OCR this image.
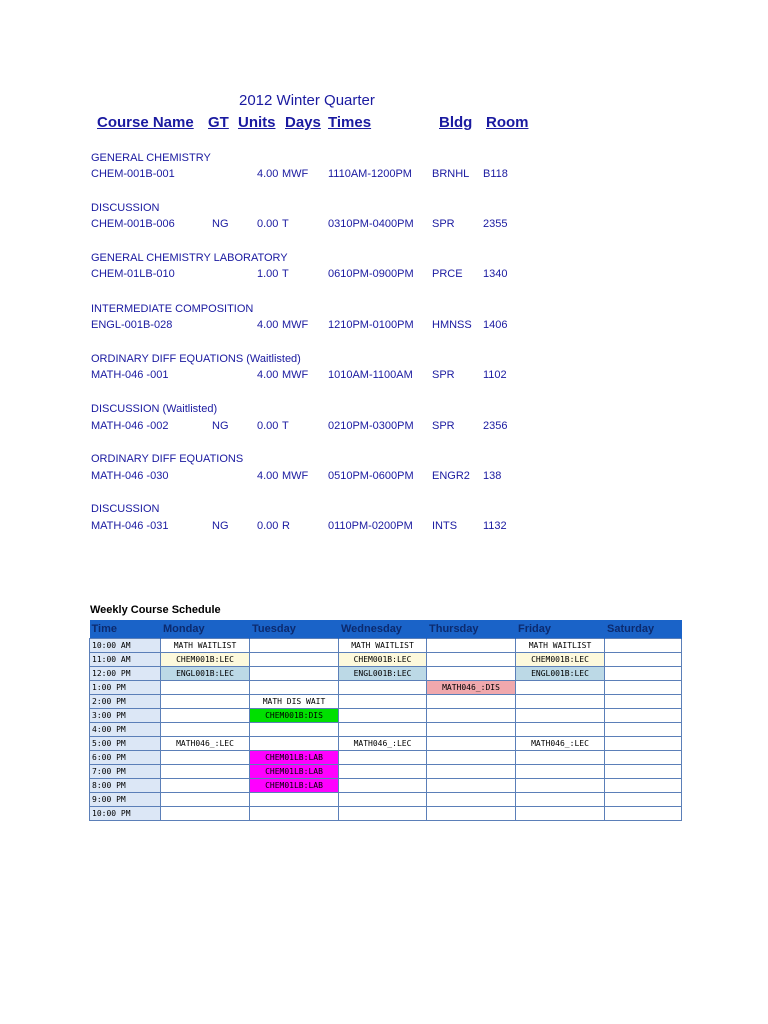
2012 Winter Quarter
Course Name GT Units Days Times	Bldg Room
GENERAL CHEMISTRY
CHEM-001B-001	4.00 MWF 1110AM-1200PM BRNHL B118
DISCUSSION
CHEM-001B-006	NG	0.00 T	0310PM-0400PM SPR	2355
GENERAL CHEMISTRY LABORATORY
CHEM-01LB-010	1.00 T	0610PM-0900PM PRCE 1340
INTERMEDIATE COMPOSITION
ENGL-001B-028	4.00 MWF 1210PM-0100PM HMNSS 1406
ORDINARY DIFF EQUATIONS (Waitlisted)
MATH-046 -001	4.00 MWF 1010AM-1100AM SPR	1102
DISCUSSION (Waitlisted)
MATH-046 -002	NG	0.00 T	0210PM-0300PM SPR	2356
ORDINARY DIFF EQUATIONS
MATH-046 -030	4.00 MWF 0510PM-0600PM ENGR2 138
DISCUSSION
MATH-046 -031	NG	0.00 R	0110PM-0200PM INTS 1132
Weekly Course Schedule
Time	Monday	Tuesday	Wednesday	Thursday	Friday	Saturday
10:00 AM	MATH WAITLIST		MATH WAITLIST		MATH WAITLIST	
11:00 AM	CHEM001B:LEC		CHEM001B:LEC		CHEM001B:LEC	
12:00 PM	ENGL001B:LEC		ENGL001B:LEC		ENGL001B:LEC	
1:00 PM				MATH046_:DIS		
2:00 PM		MATH DIS WAIT				
3:00 PM		CHEM001B:DIS				
4:00 PM						
5:00 PM	MATH046_:LEC		MATH046_:LEC		MATH046_:LEC	
6:00 PM		CHEM01LB:LAB				
7:00 PM		CHEM01LB:LAB				
8:00 PM		CHEM01LB:LAB				
9:00 PM						
10:00 PM						
